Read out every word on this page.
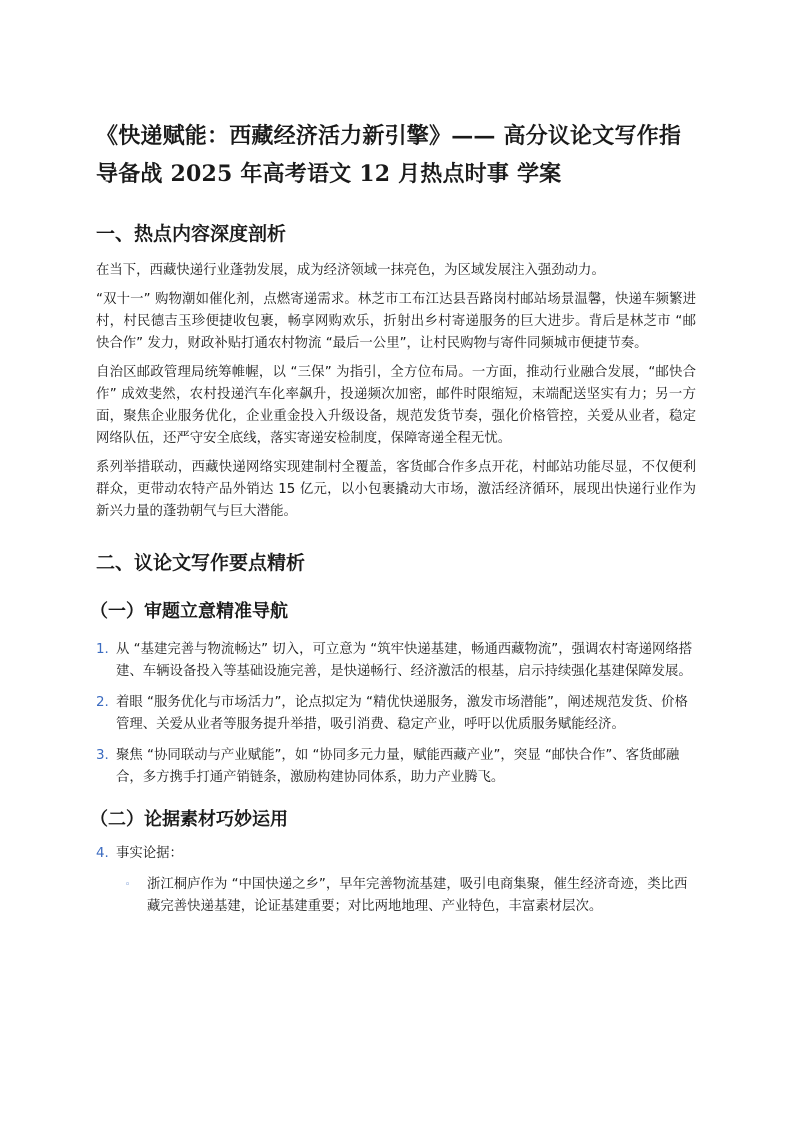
《快递赋能：西藏经济活力新引擎》—— 高分议论文写作指导备战 2025 年高考语文 12 月热点时事 学案
一、热点内容深度剖析

在当下，西藏快递行业蓬勃发展，成为经济领域一抹亮色，为区域发展注入强劲动力。

“双十一” 购物潮如催化剂，点燃寄递需求。林芝市工布江达县吾路岗村邮站场景温馨，快递车频繁进村，村民德吉玉珍便捷收包裹，畅享网购欢乐，折射出乡村寄递服务的巨大进步。背后是林芝市 “邮快合作” 发力，财政补贴打通农村物流 “最后一公里”，让村民购物与寄件同频城市便捷节奏。

自治区邮政管理局统筹帷幄，以 “三保” 为指引，全方位布局。一方面，推动行业融合发展，“邮快合作” 成效斐然，农村投递汽车化率飙升，投递频次加密，邮件时限缩短，末端配送坚实有力；另一方面，聚焦企业服务优化，企业重金投入升级设备，规范发货节奏，强化价格管控，关爱从业者，稳定网络队伍，还严守安全底线，落实寄递安检制度，保障寄递全程无忧。

系列举措联动，西藏快递网络实现建制村全覆盖，客货邮合作多点开花，村邮站功能尽显，不仅便利群众，更带动农特产品外销达 15 亿元，以小包裹撬动大市场，激活经济循环，展现出快递行业作为新兴力量的蓬勃朝气与巨大潜能。

二、议论文写作要点精析
（一）审题立意精准导航
1. 从 “基建完善与物流畅达” 切入，可立意为 “筑牢快递基建，畅通西藏物流”，强调农村寄递网络搭建、车辆设备投入等基础设施完善，是快递畅行、经济激活的根基，启示持续强化基建保障发展。
2. 着眼 “服务优化与市场活力”，论点拟定为 “精优快递服务，激发市场潜能”，阐述规范发货、价格管理、关爱从业者等服务提升举措，吸引消费、稳定产业，呼吁以优质服务赋能经济。
3. 聚焦 “协同联动与产业赋能”，如 “协同多元力量，赋能西藏产业”，突显 “邮快合作”、客货邮融合，多方携手打通产销链条，激励构建协同体系，助力产业腾飞。
（二）论据素材巧妙运用
4. 事实论据：
◦ 浙江桐庐作为 “中国快递之乡”，早年完善物流基建，吸引电商集聚，催生经济奇迹，类比西藏完善快递基建，论证基建重要；对比两地地理、产业特色，丰富素材层次。
